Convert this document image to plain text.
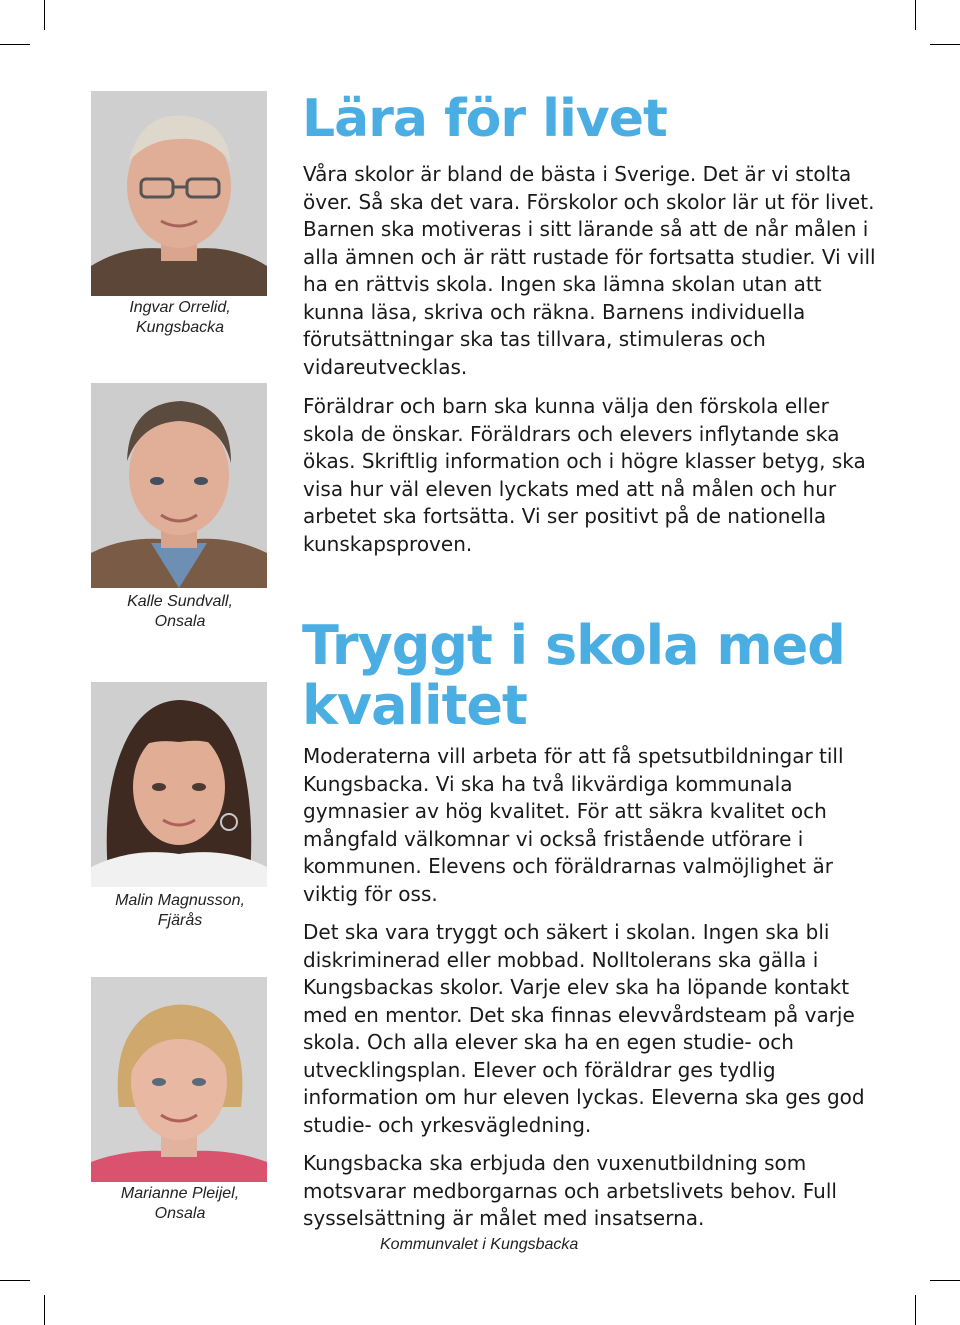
Ingvar Orrelid,
Kungsbacka
Kalle Sundvall,
Onsala
Malin Magnusson,
Fjärås
Marianne Pleijel,
Onsala
Lära för livet

Våra skolor är bland de bästa i Sverige. Det är vi stolta över. Så ska det vara. Förskolor och skolor lär ut för livet. Barnen ska motiveras i sitt lärande så att de når målen i alla ämnen och är rätt rustade för fortsatta studier. Vi vill ha en rättvis skola. Ingen ska lämna skolan utan att kunna läsa, skriva och räkna. Barnens individuella förutsättningar ska tas tillvara, stimuleras och vidareutvecklas.

Föräldrar och barn ska kunna välja den förskola eller skola de önskar. Föräldrars och elevers inflytande ska ökas. Skriftlig information och i högre klasser betyg, ska visa hur väl eleven lyckats med att nå målen och hur arbetet ska fortsätta. Vi ser positivt på de nationella kunskapsproven.

Tryggt i skola med kvalitet

Moderaterna vill arbeta för att få spetsutbildningar till Kungsbacka. Vi ska ha två likvärdiga kommunala gymnasier av hög kvalitet. För att säkra kvalitet och mångfald välkomnar vi också fristående utförare i kommunen. Elevens och föräldrarnas valmöjlighet är viktig för oss.

Det ska vara tryggt och säkert i skolan. Ingen ska bli diskriminerad eller mobbad. Nolltolerans ska gälla i Kungsbackas skolor. Varje elev ska ha löpande kontakt med en mentor. Det ska finnas elevvårdsteam på varje skola. Och alla elever ska ha en egen studie- och utvecklingsplan. Elever och föräldrar ges tydlig information om hur eleven lyckas. Eleverna ska ges god studie- och yrkesvägledning.

Kungsbacka ska erbjuda den vuxenutbildning som motsvarar medborgarnas och arbetslivets behov. Full sysselsättning är målet med insatserna.

Kommunvalet i Kungsbacka
